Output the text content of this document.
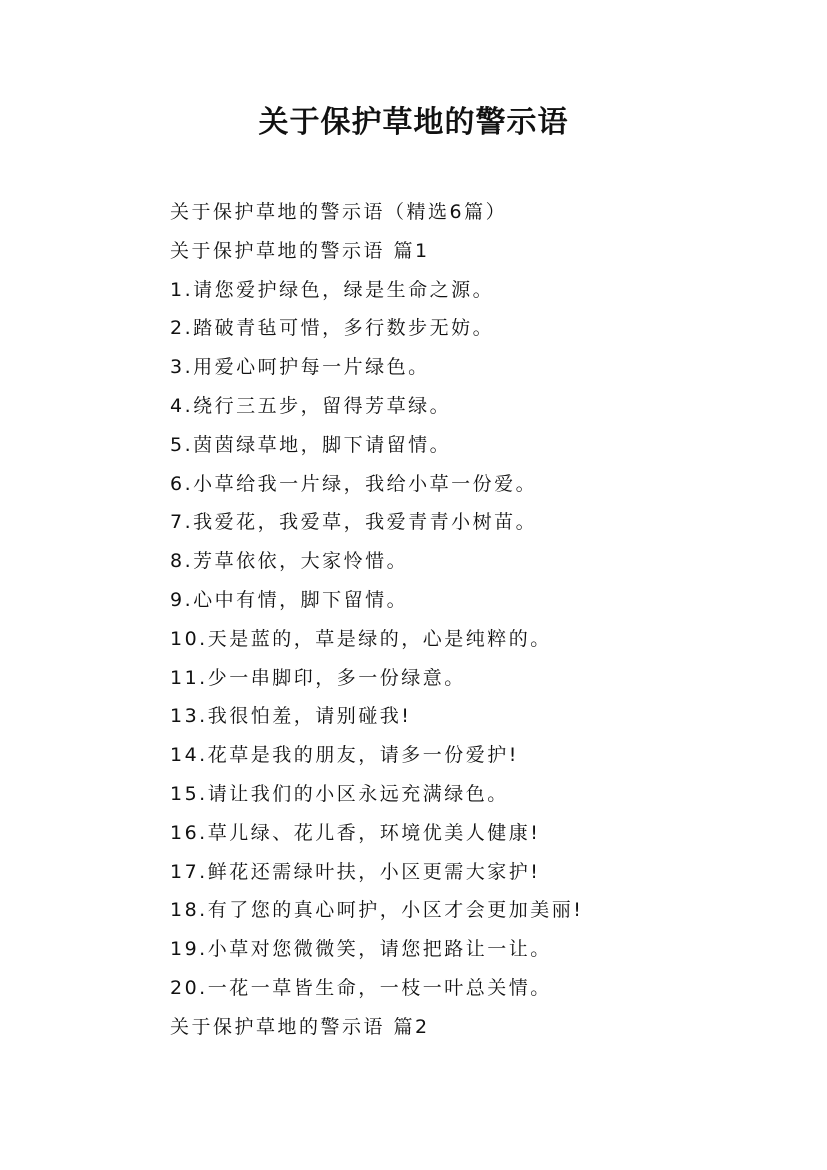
关于保护草地的警示语
关于保护草地的警示语（精选6篇）
关于保护草地的警示语 篇1
1.请您爱护绿色，绿是生命之源。
2.踏破青毡可惜，多行数步无妨。
3.用爱心呵护每一片绿色。
4.绕行三五步，留得芳草绿。
5.茵茵绿草地，脚下请留情。
6.小草给我一片绿，我给小草一份爱。
7.我爱花，我爱草，我爱青青小树苗。
8.芳草依依，大家怜惜。
9.心中有情，脚下留情。
10.天是蓝的，草是绿的，心是纯粹的。
11.少一串脚印，多一份绿意。
13.我很怕羞，请别碰我!
14.花草是我的朋友，请多一份爱护!
15.请让我们的小区永远充满绿色。
16.草儿绿、花儿香，环境优美人健康!
17.鲜花还需绿叶扶，小区更需大家护!
18.有了您的真心呵护，小区才会更加美丽!
19.小草对您微微笑，请您把路让一让。
20.一花一草皆生命，一枝一叶总关情。
关于保护草地的警示语 篇2
